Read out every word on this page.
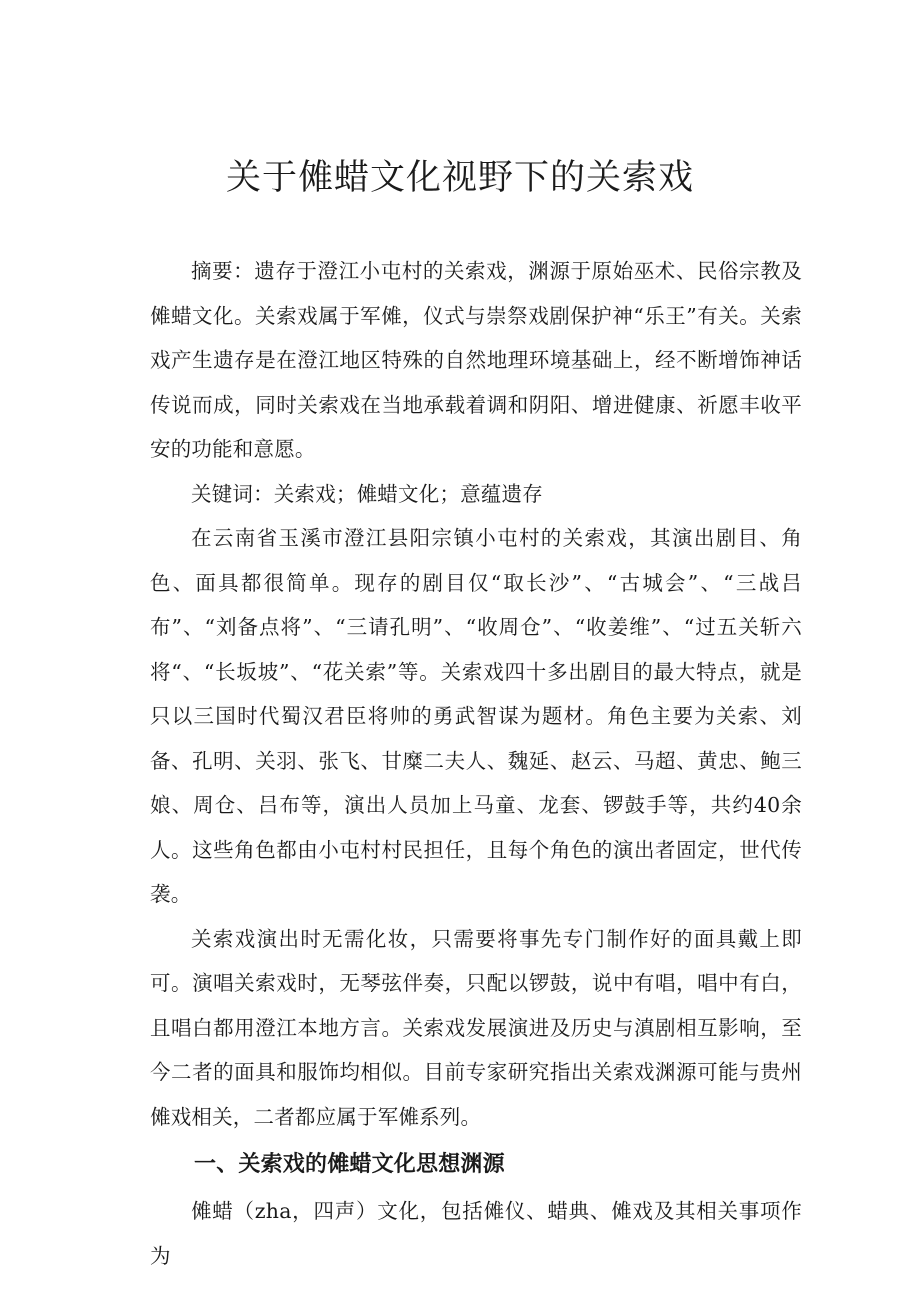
关于傩蜡文化视野下的关索戏

摘要：遗存于澄江小屯村的关索戏，渊源于原始巫术、民俗宗教及傩蜡文化。关索戏属于军傩，仪式与崇祭戏剧保护神“乐王”有关。关索戏产生遗存是在澄江地区特殊的自然地理环境基础上，经不断增饰神话传说而成，同时关索戏在当地承载着调和阴阳、增进健康、祈愿丰收平安的功能和意愿。

关键词：关索戏；傩蜡文化；意蕴遗存

在云南省玉溪市澄江县阳宗镇小屯村的关索戏，其演出剧目、角色、面具都很简单。现存的剧目仅“取长沙”、“古城会”、“三战吕布”、“刘备点将”、“三请孔明”、“收周仓”、“收姜维”、“过五关斩六将“、“长坂坡”、“花关索”等。关索戏四十多出剧目的最大特点，就是只以三国时代蜀汉君臣将帅的勇武智谋为题材。角色主要为关索、刘备、孔明、关羽、张飞、甘糜二夫人、魏延、赵云、马超、黄忠、鲍三娘、周仓、吕布等，演出人员加上马童、龙套、锣鼓手等，共约40余人。这些角色都由小屯村村民担任，且每个角色的演出者固定，世代传袭。

关索戏演出时无需化妆，只需要将事先专门制作好的面具戴上即可。演唱关索戏时，无琴弦伴奏，只配以锣鼓，说中有唱，唱中有白，且唱白都用澄江本地方言。关索戏发展演进及历史与滇剧相互影响，至今二者的面具和服饰均相似。目前专家研究指出关索戏渊源可能与贵州傩戏相关，二者都应属于军傩系列。

一、关索戏的傩蜡文化思想渊源

傩蜡（zha，四声）文化，包括傩仪、蜡典、傩戏及其相关事项作为
